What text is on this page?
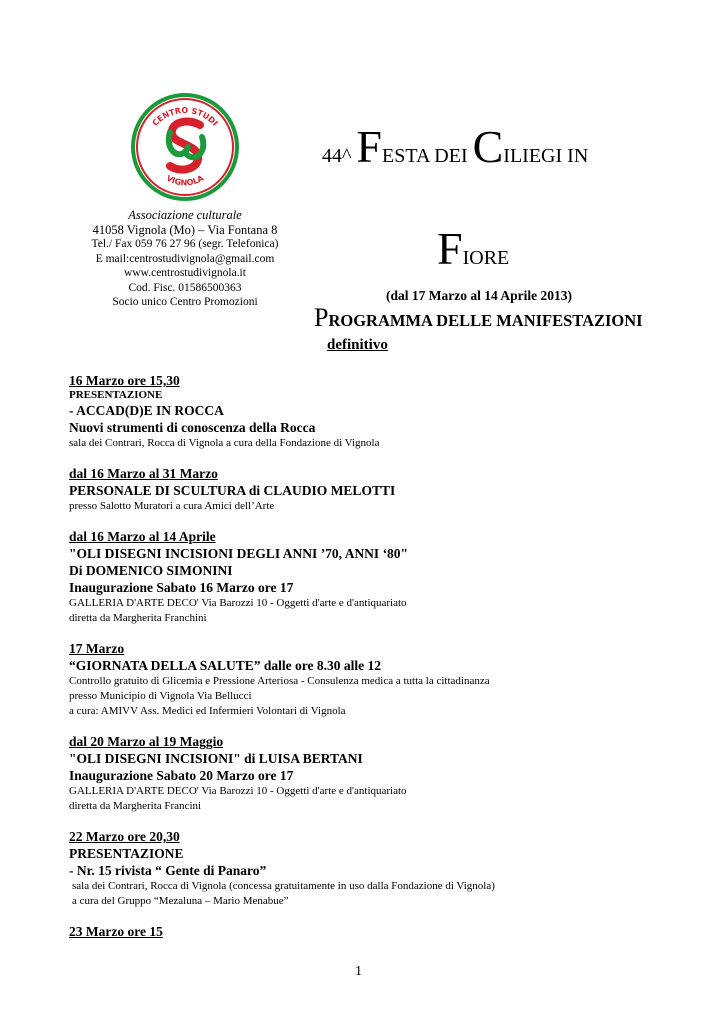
CENTRO STUDI
VIGNOLA
Associazione culturale
41058 Vignola (Mo) – Via Fontana 8
Tel./ Fax 059 76 27 96 (segr. Telefonica)
E mail:centrostudivignola@gmail.com
www.centrostudivignola.it
Cod. Fisc. 01586500363
Socio unico Centro Promozioni
44^ FESTA DEI CILIEGI IN
FIORE
(dal 17 Marzo al 14 Aprile 2013)
PROGRAMMA DELLE MANIFESTAZIONI
definitivo
16 Marzo ore 15,30
PRESENTAZIONE
- ACCAD(D)E IN ROCCA
Nuovi strumenti di conoscenza della Rocca
sala dei Contrari, Rocca di Vignola a cura della Fondazione di Vignola
dal 16 Marzo al 31 Marzo
PERSONALE DI SCULTURA di CLAUDIO MELOTTI
presso Salotto Muratori a cura Amici dell’Arte
dal 16 Marzo al 14 Aprile
"OLI DISEGNI INCISIONI DEGLI ANNI ’70, ANNI ‘80"
Di DOMENICO SIMONINI
Inaugurazione Sabato 16 Marzo ore 17
GALLERIA D'ARTE DECO' Via Barozzi 10 - Oggetti d'arte e d'antiquariato
diretta da Margherita Franchini
17 Marzo
“GIORNATA DELLA SALUTE” dalle ore 8.30 alle 12
Controllo gratuito di Glicemia e Pressione Arteriosa - Consulenza medica a tutta la cittadinanza
presso Municipio di Vignola Via Bellucci
a cura: AMIVV Ass. Medici ed Infermieri Volontari di Vignola
dal 20 Marzo al 19 Maggio
"OLI DISEGNI INCISIONI" di LUISA BERTANI
Inaugurazione Sabato 20 Marzo ore 17
GALLERIA D'ARTE DECO' Via Barozzi 10 - Oggetti d'arte e d'antiquariato
diretta da Margherita Francini
22 Marzo ore 20,30
PRESENTAZIONE
- Nr. 15 rivista “ Gente di Panaro”
sala dei Contrari, Rocca di Vignola (concessa gratuitamente in uso dalla Fondazione di Vignola)
a cura del Gruppo “Mezaluna – Mario Menabue”
23 Marzo ore 15
1
